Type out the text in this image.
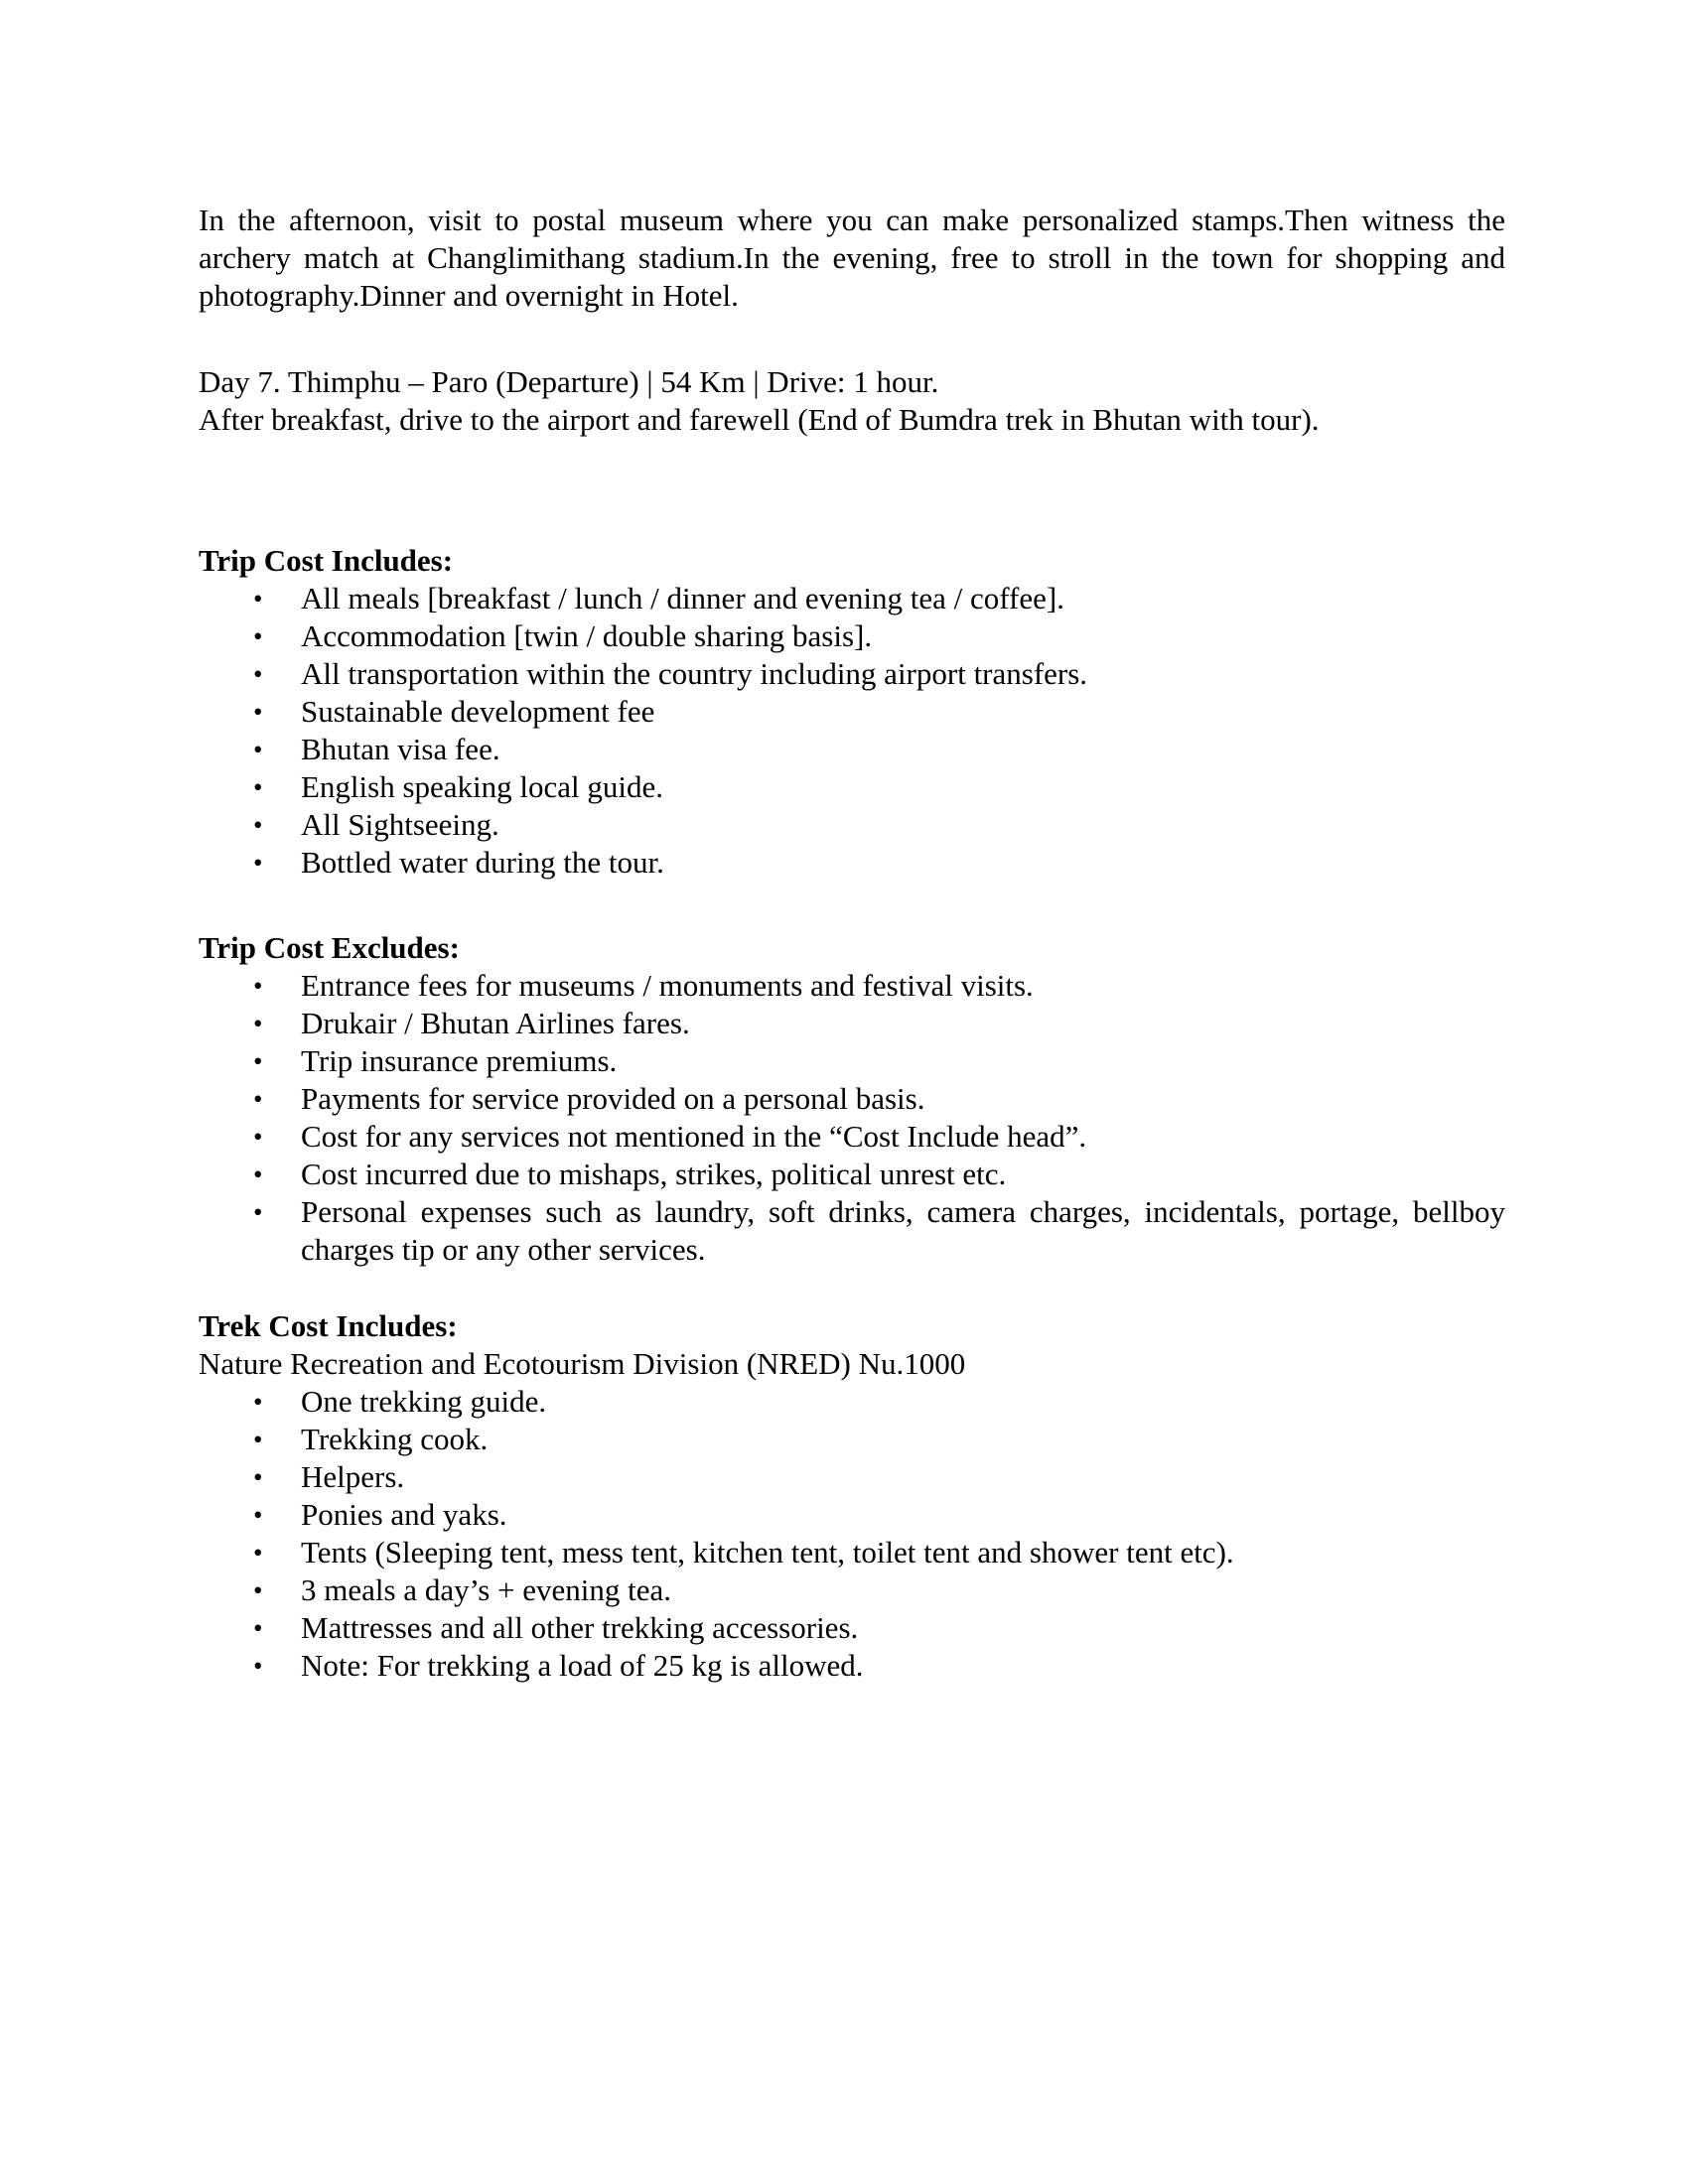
In the afternoon, visit to postal museum where you can make personalized stamps.Then witness the archery match at Changlimithang stadium.In the evening, free to stroll in the town for shopping and photography.Dinner and overnight in Hotel.

Day 7. Thimphu – Paro (Departure) | 54 Km | Drive: 1 hour.
After breakfast, drive to the airport and farewell (End of Bumdra trek in Bhutan with tour).
Trip Cost Includes:
•	All meals [breakfast / lunch / dinner and evening tea / coffee].
•	Accommodation [twin / double sharing basis].
•	All transportation within the country including airport transfers.
•	Sustainable development fee
•	Bhutan visa fee.
•	English speaking local guide.
•	All Sightseeing.
•	Bottled water during the tour.
Trip Cost Excludes:
•	Entrance fees for museums / monuments and festival visits.
•	Drukair / Bhutan Airlines fares.
•	Trip insurance premiums.
•	Payments for service provided on a personal basis.
•	Cost for any services not mentioned in the “Cost Include head”.
•	Cost incurred due to mishaps, strikes, political unrest etc.
•	Personal expenses such as laundry, soft drinks, camera charges, incidentals, portage, bellboy charges tip or any other services.
Trek Cost Includes:
Nature Recreation and Ecotourism Division (NRED) Nu.1000
•	One trekking guide.
•	Trekking cook.
•	Helpers.
•	Ponies and yaks.
•	Tents (Sleeping tent, mess tent, kitchen tent, toilet tent and shower tent etc).
•	3 meals a day’s + evening tea.
•	Mattresses and all other trekking accessories.
•	Note: For trekking a load of 25 kg is allowed.
